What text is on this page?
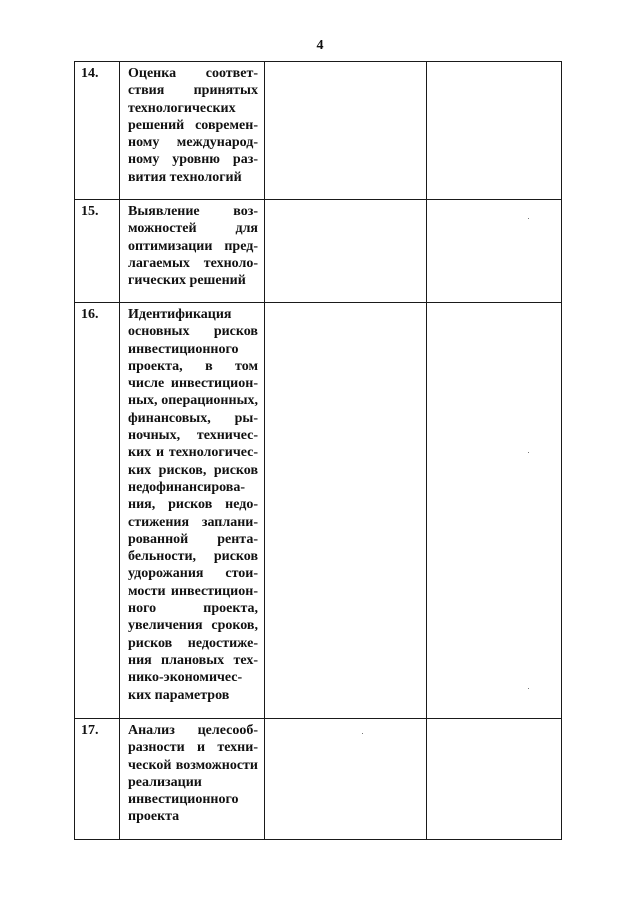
4
14.	Оценка соответствия принятых технологических решений современному международному уровню развития технологий		

15.	Выявление возможностей для оптимизации предлагаемых технологических решений		

16.	Идентификация основных рисков инвестиционного проекта, в том числе инвестиционных, операционных, финансовых, рыночных, технических и технологических рисков, рисков недофинансирования, рисков недостижения запланированной рентабельности, рисков удорожания стоимости инвестиционного проекта, увеличения сроков, рисков недостижения плановых технико-экономических параметров		

17.	Анализ целесообразности и технической возможности реализации инвестиционного проекта		
